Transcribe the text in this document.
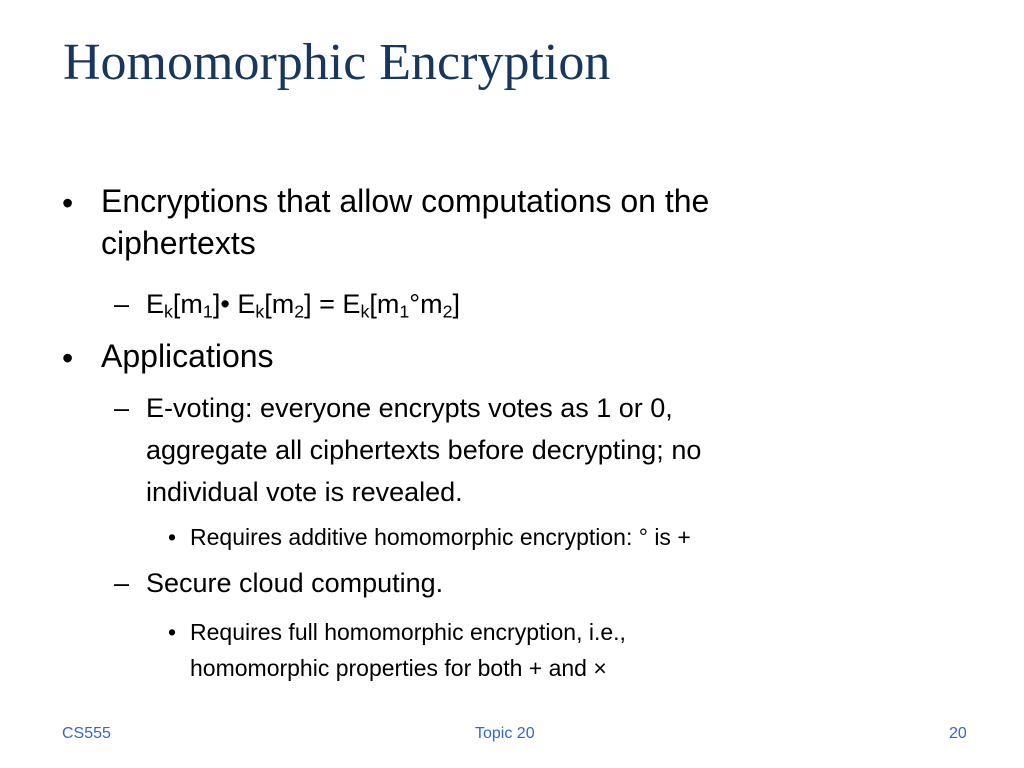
Homomorphic Encryption
• Encryptions that allow computations on the
ciphertexts
– $E_k[m_1]•$ $E_k[m_2] = E_k[m_1^\circ m_2]$
• Applications
– E-voting: everyone encrypts votes as 1 or 0,
aggregate all ciphertexts before decrypting; no
individual vote is revealed.
• Requires additive homomorphic encryption: ° is +
– Secure cloud computing.
• Requires full homomorphic encryption, i.e.,
homomorphic properties for both + and ×
CS555	Topic 20	20
